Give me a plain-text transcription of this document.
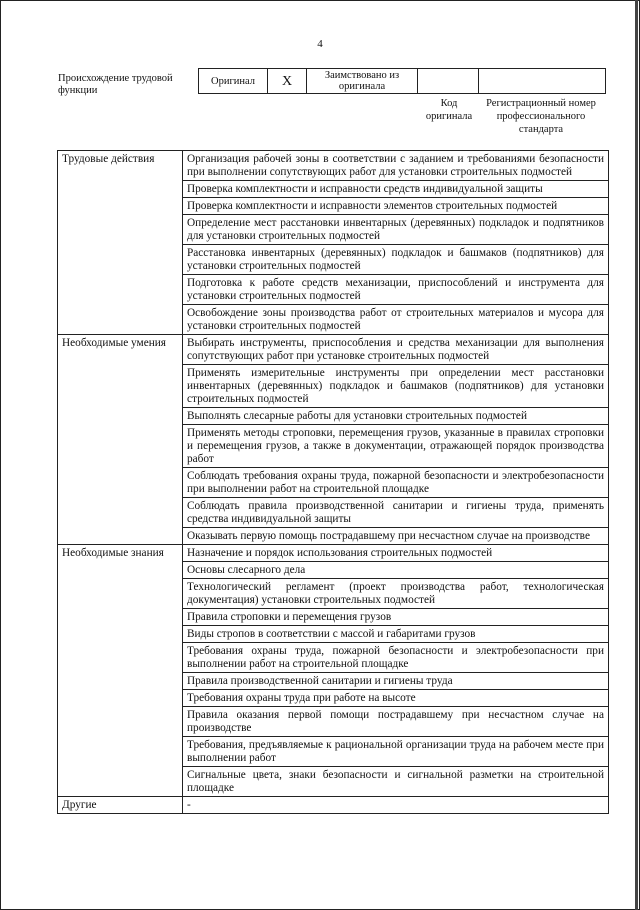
4
Происхождение трудовой функции
Оригинал	X	Заимствовано из оригинала		
Код оригинала
Регистрационный номер профессионального стандарта
Трудовые действия	Организация рабочей зоны в соответствии с заданием и требованиями безопасности при выполнении сопутствующих работ для установки строительных подмостей
	Проверка комплектности и исправности средств индивидуальной защиты
	Проверка комплектности и исправности элементов строительных подмостей
	Определение мест расстановки инвентарных (деревянных) подкладок и подпятников для установки строительных подмостей
	Расстановка инвентарных (деревянных) подкладок и башмаков (подпятников) для установки строительных подмостей
	Подготовка к работе средств механизации, приспособлений и инструмента для установки строительных подмостей
	Освобождение зоны производства работ от строительных материалов и мусора для установки строительных подмостей
Необходимые умения	Выбирать инструменты, приспособления и средства механизации для выполнения сопутствующих работ при установке строительных подмостей
	Применять измерительные инструменты при определении мест расстановки инвентарных (деревянных) подкладок и башмаков (подпятников) для установки строительных подмостей
	Выполнять слесарные работы для установки строительных подмостей
	Применять методы строповки, перемещения грузов, указанные в правилах строповки и перемещения грузов, а также в документации, отражающей порядок производства работ
	Соблюдать требования охраны труда, пожарной безопасности и электробезопасности при выполнении работ на строительной площадке
	Соблюдать правила производственной санитарии и гигиены труда, применять средства индивидуальной защиты
	Оказывать первую помощь пострадавшему при несчастном случае на производстве
Необходимые знания	Назначение и порядок использования строительных подмостей
	Основы слесарного дела
	Технологический регламент (проект производства работ, технологическая документация) установки строительных подмостей
	Правила строповки и перемещения грузов
	Виды стропов в соответствии с массой и габаритами грузов
	Требования охраны труда, пожарной безопасности и электробезопасности при выполнении работ на строительной площадке
	Правила производственной санитарии и гигиены труда
	Требования охраны труда при работе на высоте
	Правила оказания первой помощи пострадавшему при несчастном случае на производстве
	Требования, предъявляемые к рациональной организации труда на рабочем месте при выполнении работ
	Сигнальные цвета, знаки безопасности и сигнальной разметки на строительной площадке
Другие	-
